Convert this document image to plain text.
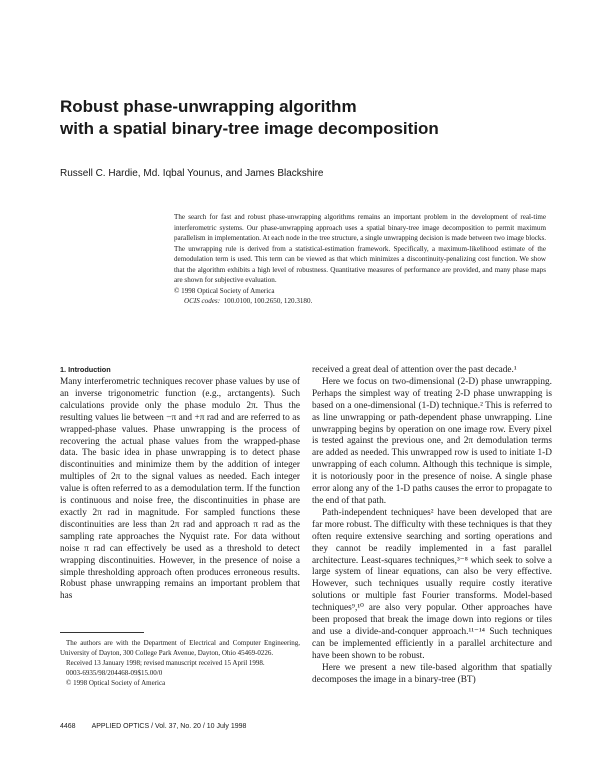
Robust phase-unwrapping algorithm
with a spatial binary-tree image decomposition
Russell C. Hardie, Md. Iqbal Younus, and James Blackshire

The search for fast and robust phase-unwrapping algorithms remains an important problem in the development of real-time interferometric systems. Our phase-unwrapping approach uses a spatial binary-tree image decomposition to permit maximum parallelism in implementation. At each node in the tree structure, a single unwrapping decision is made between two image blocks. The unwrapping rule is derived from a statistical-estimation framework. Specifically, a maximum-likelihood estimate of the demodulation term is used. This term can be viewed as that which minimizes a discontinuity-penalizing cost function. We show that the algorithm exhibits a high level of robustness. Quantitative measures of performance are provided, and many phase maps are shown for subjective evaluation.

© 1998 Optical Society of America

OCIS codes: 100.0100, 100.2650, 120.3180.

1. Introduction

Many interferometric techniques recover phase values by use of an inverse trigonometric function (e.g., arctangents). Such calculations provide only the phase modulo 2π. Thus the resulting values lie between −π and +π rad and are referred to as wrapped-phase values. Phase unwrapping is the process of recovering the actual phase values from the wrapped-phase data. The basic idea in phase unwrapping is to detect phase discontinuities and minimize them by the addition of integer multiples of 2π to the signal values as needed. Each integer value is often referred to as a demodulation term. If the function is continuous and noise free, the discontinuities in phase are exactly 2π rad in magnitude. For sampled functions these discontinuities are less than 2π rad and approach π rad as the sampling rate approaches the Nyquist rate. For data without noise π rad can effectively be used as a threshold to detect wrapping discontinuities. However, in the presence of noise a simple thresholding approach often produces erroneous results. Robust phase unwrapping remains an important problem that has

received a great deal of attention over the past decade.¹

Here we focus on two-dimensional (2-D) phase unwrapping. Perhaps the simplest way of treating 2-D phase unwrapping is based on a one-dimensional (1-D) technique.² This is referred to as line unwrapping or path-dependent phase unwrapping. Line unwrapping begins by operation on one image row. Every pixel is tested against the previous one, and 2π demodulation terms are added as needed. This unwrapped row is used to initiate 1-D unwrapping of each column. Although this technique is simple, it is notoriously poor in the presence of noise. A single phase error along any of the 1-D paths causes the error to propagate to the end of that path.

Path-independent techniques² have been developed that are far more robust. The difficulty with these techniques is that they often require extensive searching and sorting operations and they cannot be readily implemented in a fast parallel architecture. Least-squares techniques,³⁻⁸ which seek to solve a large system of linear equations, can also be very effective. However, such techniques usually require costly iterative solutions or multiple fast Fourier transforms. Model-based techniques⁹,¹⁰ are also very popular. Other approaches have been proposed that break the image down into regions or tiles and use a divide-and-conquer approach.¹¹⁻¹⁴ Such techniques can be implemented efficiently in a parallel architecture and have been shown to be robust.

Here we present a new tile-based algorithm that spatially decomposes the image in a binary-tree (BT)

The authors are with the Department of Electrical and Computer Engineering, University of Dayton, 300 College Park Avenue, Dayton, Ohio 45469-0226.

Received 13 January 1998; revised manuscript received 15 April 1998.

0003-6935/98/204468-09$15.00/0

© 1998 Optical Society of America

4468 APPLIED OPTICS / Vol. 37, No. 20 / 10 July 1998
